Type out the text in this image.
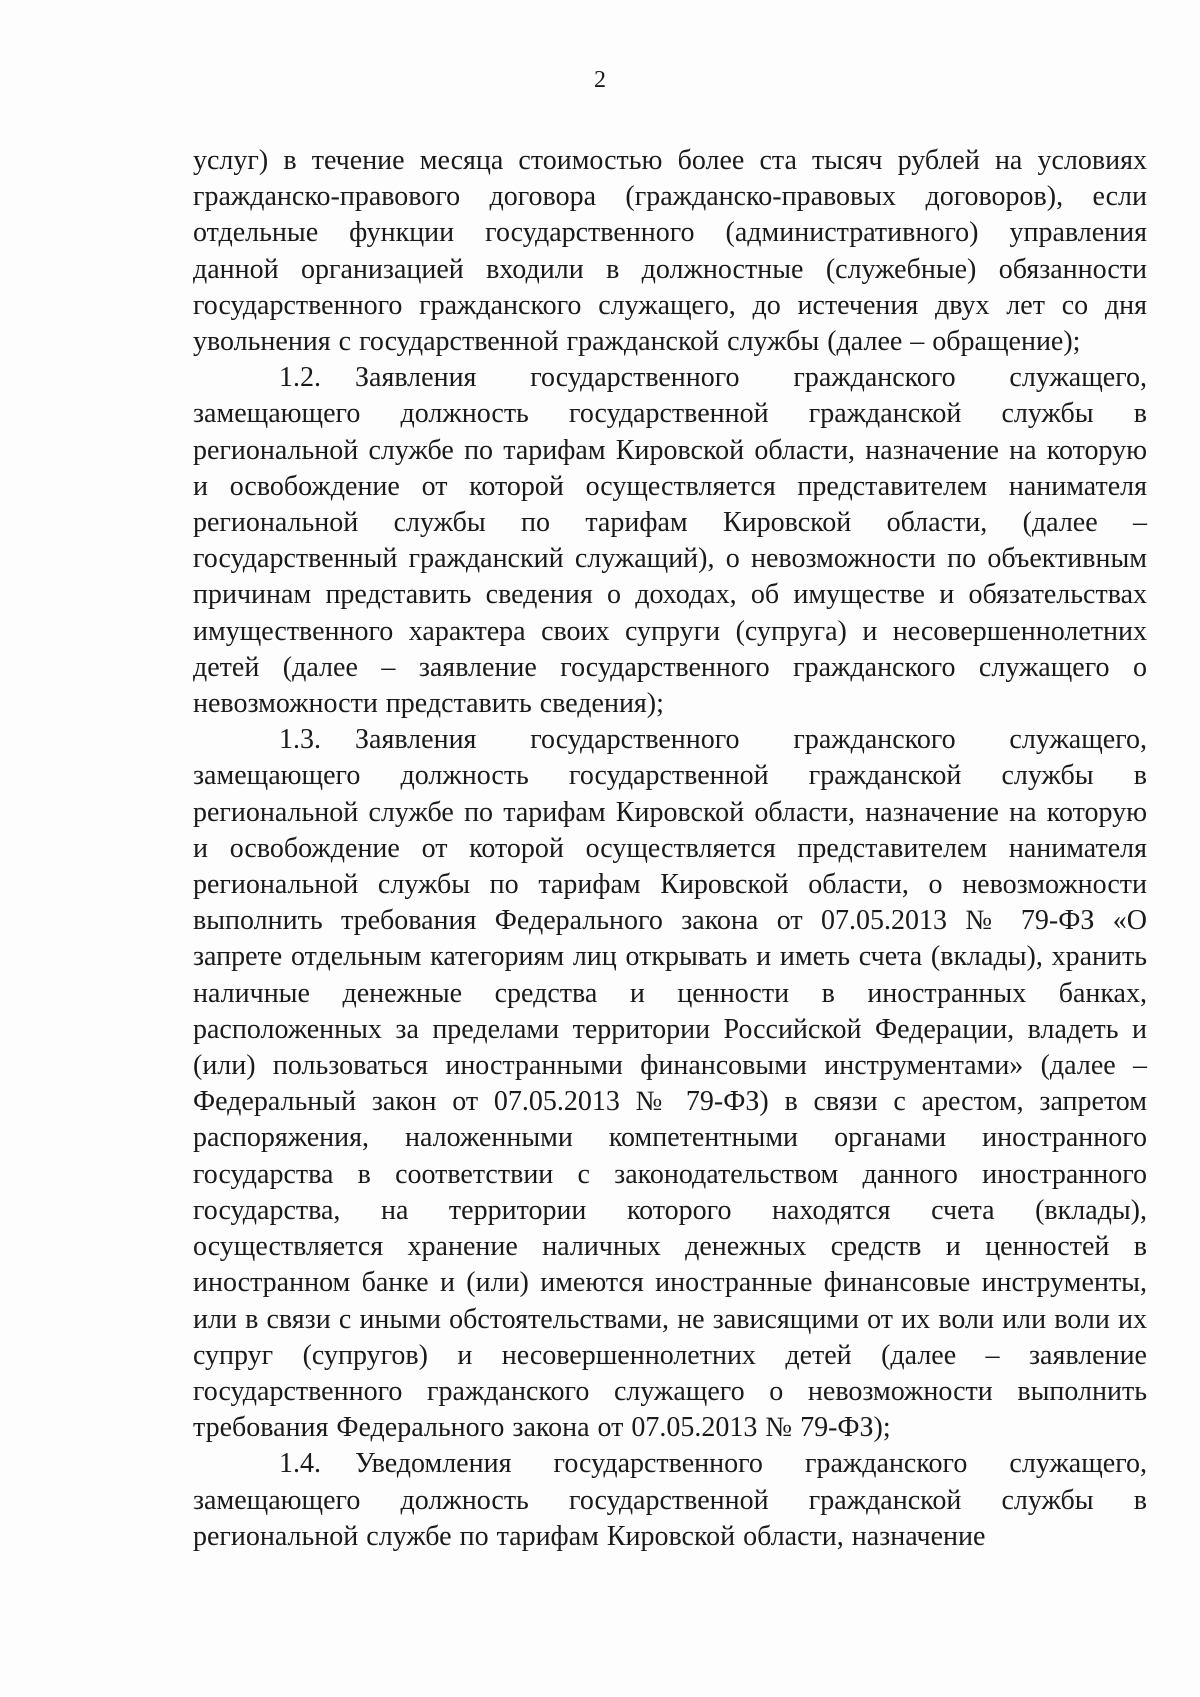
2

услуг) в течение месяца стоимостью более ста тысяч рублей на условиях гражданско-правового договора (гражданско-правовых договоров), если отдельные функции государственного (административного) управления данной организацией входили в должностные (служебные) обязанности государственного гражданского служащего, до истечения двух лет со дня увольнения с государственной гражданской службы (далее – обращение);

1.2. Заявления государственного гражданского служащего, замещающего должность государственной гражданской службы в региональной службе по тарифам Кировской области, назначение на которую и освобождение от которой осуществляется представителем нанимателя региональной службы по тарифам Кировской области, (далее – государственный гражданский служащий), о невозможности по объективным причинам представить сведения о доходах, об имуществе и обязательствах имущественного характера своих супруги (супруга) и несовершеннолетних детей (далее – заявление государственного гражданского служащего о невозможности представить сведения);

1.3. Заявления государственного гражданского служащего, замещающего должность государственной гражданской службы в региональной службе по тарифам Кировской области, назначение на которую и освобождение от которой осуществляется представителем нанимателя региональной службы по тарифам Кировской области, о невозможности выполнить требования Федерального закона от 07.05.2013 № 79-ФЗ «О запрете отдельным категориям лиц открывать и иметь счета (вклады), хранить наличные денежные средства и ценности в иностранных банках, расположенных за пределами территории Российской Федерации, владеть и (или) пользоваться иностранными финансовыми инструментами» (далее – Федеральный закон от 07.05.2013 № 79-ФЗ) в связи с арестом, запретом распоряжения, наложенными компетентными органами иностранного государства в соответствии с законодательством данного иностранного государства, на территории которого находятся счета (вклады), осуществляется хранение наличных денежных средств и ценностей в иностранном банке и (или) имеются иностранные финансовые инструменты, или в связи с иными обстоятельствами, не зависящими от их воли или воли их супруг (супругов) и несовершеннолетних детей (далее – заявление государственного гражданского служащего о невозможности выполнить требования Федерального закона от 07.05.2013 № 79-ФЗ);

1.4. Уведомления государственного гражданского служащего, замещающего должность государственной гражданской службы в региональной службе по тарифам Кировской области, назначение
